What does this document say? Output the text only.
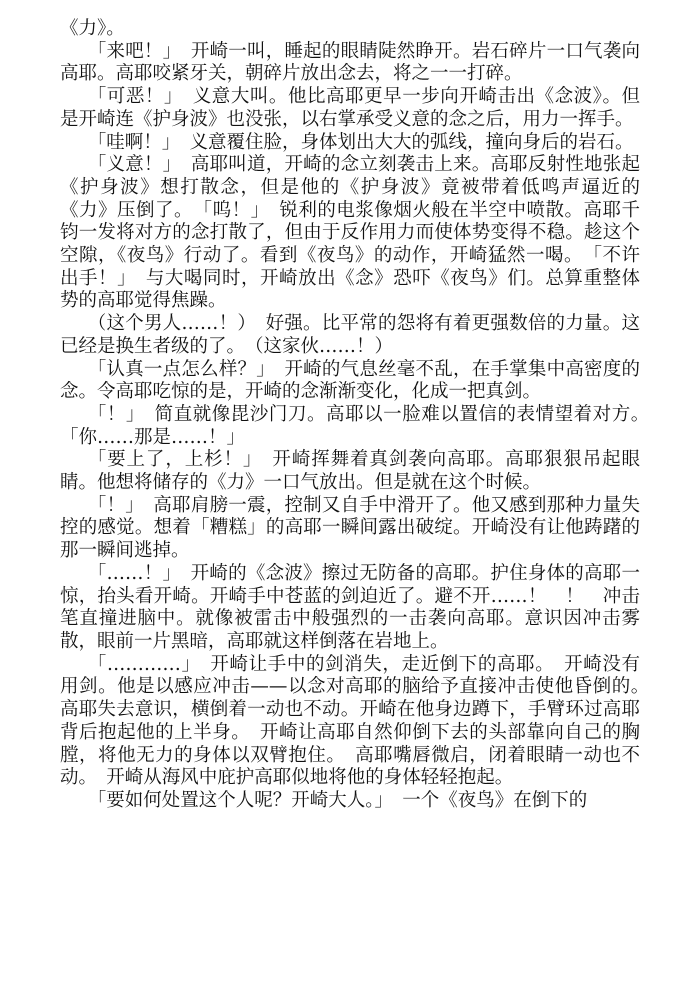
《力》。

「来吧！」　开崎一叫，睡起的眼睛陡然睁开。岩石碎片一口气袭向高耶。高耶咬紧牙关，朝碎片放出念去，将之一一打碎。

「可恶！」　义意大叫。他比高耶更早一步向开崎击出《念波》。但是开崎连《护身波》也没张，以右掌承受义意的念之后，用力一挥手。

「哇啊！」　义意覆住脸，身体划出大大的弧线，撞向身后的岩石。

「义意！」　高耶叫道，开崎的念立刻袭击上来。高耶反射性地张起《护身波》想打散念，但是他的《护身波》竟被带着低鸣声逼近的《力》压倒了。　「呜！」　锐利的电浆像烟火般在半空中喷散。高耶千钧一发将对方的念打散了，但由于反作用力而使体势变得不稳。趁这个空隙，《夜鸟》行动了。看到《夜鸟》的动作，开崎猛然一喝。　「不许出手！」　与大喝同时，开崎放出《念》恐吓《夜鸟》们。总算重整体势的高耶觉得焦躁。

（这个男人……！）　好强。比平常的怨将有着更强数倍的力量。这已经是换生者级的了。　（这家伙……！）

「认真一点怎么样？」　开崎的气息丝毫不乱，在手掌集中高密度的念。令高耶吃惊的是，开崎的念渐渐变化，化成一把真剑。

「！」　简直就像毘沙门刀。高耶以一脸难以置信的表情望着对方。　「你……那是……！」

「要上了，上杉！」　开崎挥舞着真剑袭向高耶。高耶狠狠吊起眼睛。他想将储存的《力》一口气放出。但是就在这个时候。

「！」　高耶肩膀一震，控制又自手中滑开了。他又感到那种力量失控的感觉。想着「糟糕」的高耶一瞬间露出破绽。开崎没有让他踌躇的那一瞬间逃掉。

「……！」　开崎的《念波》擦过无防备的高耶。护住身体的高耶一惊，抬头看开崎。开崎手中苍蓝的剑迫近了。避不开……！　！　冲击笔直撞进脑中。就像被雷击中般强烈的一击袭向高耶。意识因冲击雾散，眼前一片黑暗，高耶就这样倒落在岩地上。

「…………」　开崎让手中的剑消失，走近倒下的高耶。　开崎没有用剑。他是以感应冲击——以念对高耶的脑给予直接冲击使他昏倒的。　高耶失去意识，横倒着一动也不动。开崎在他身边蹲下，手臂环过高耶背后抱起他的上半身。　开崎让高耶自然仰倒下去的头部靠向自己的胸膛，将他无力的身体以双臂抱住。　高耶嘴唇微启，闭着眼睛一动也不动。　开崎从海风中庇护高耶似地将他的身体轻轻抱起。

「要如何处置这个人呢？开崎大人。」　一个《夜鸟》在倒下的
